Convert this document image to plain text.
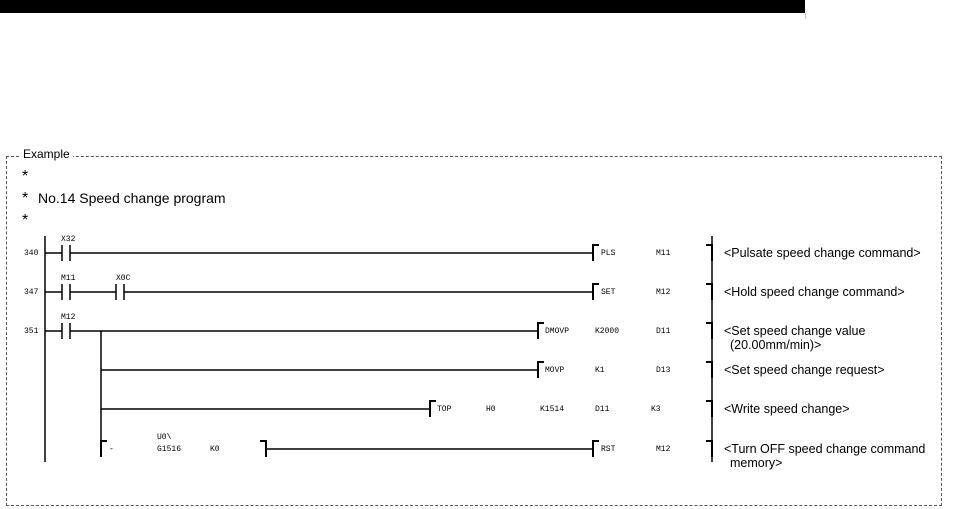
Example
*
* No.14 Speed change program
*
340
347
351
X32
M11	X0C
M12
PLS	M11
SET	M12
DMOVP	K2000	D11
MOVP	K1	D13
TOP	H0	K1514	D11	K3
-
U0\
G1516	K0	RST	M12
<Pulsate speed change command>
<Hold speed change command>
<Set speed change value
(20.00mm/min)>
<Set speed change request>
<Write speed change>
<Turn OFF speed change command
memory>
